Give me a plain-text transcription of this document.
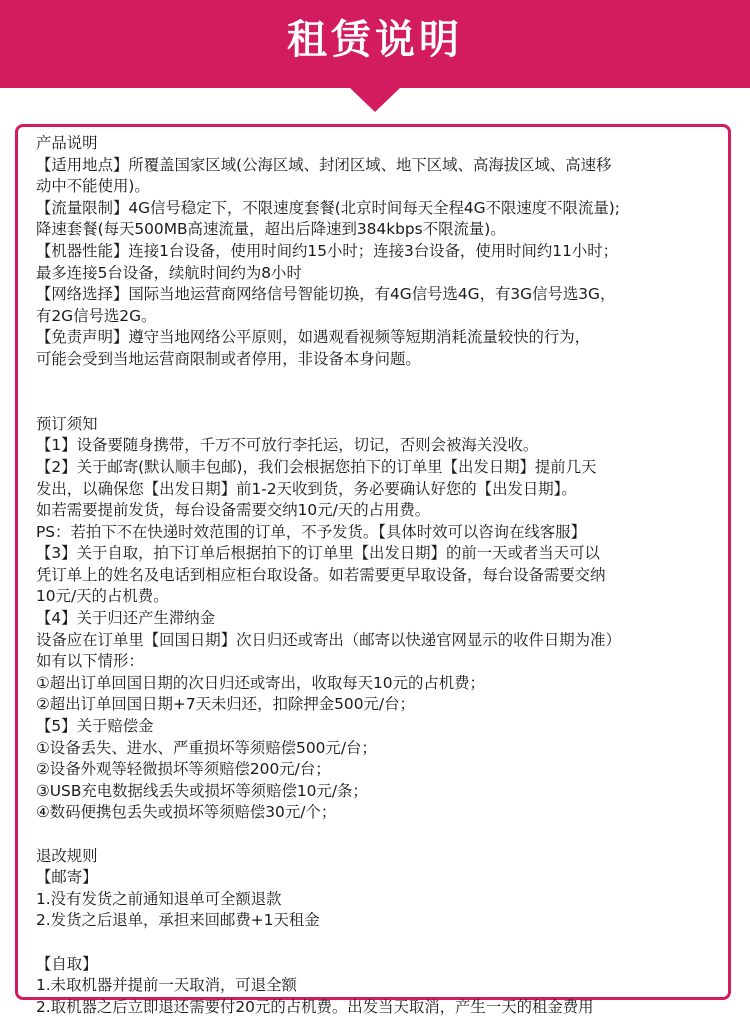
租赁说明
产品说明
【适用地点】所覆盖国家区域(公海区域、封闭区域、地下区域、高海拔区域、高速移
动中不能使用)。
【流量限制】4G信号稳定下，不限速度套餐(北京时间每天全程4G不限速度不限流量);
降速套餐(每天500MB高速流量，超出后降速到384kbps不限流量)。
【机器性能】连接1台设备，使用时间约15小时；连接3台设备，使用时间约11小时；
最多连接5台设备，续航时间约为8小时
【网络选择】国际当地运营商网络信号智能切换，有4G信号选4G，有3G信号选3G，
有2G信号选2G。
【免责声明】遵守当地网络公平原则，如遇观看视频等短期消耗流量较快的行为，
可能会受到当地运营商限制或者停用，非设备本身问题。
预订须知
【1】设备要随身携带，千万不可放行李托运，切记，否则会被海关没收。
【2】关于邮寄(默认顺丰包邮)，我们会根据您拍下的订单里【出发日期】提前几天
发出，以确保您【出发日期】前1-2天收到货，务必要确认好您的【出发日期】。
如若需要提前发货，每台设备需要交纳10元/天的占用费。
PS：若拍下不在快递时效范围的订单，不予发货。【具体时效可以咨询在线客服】
【3】关于自取，拍下订单后根据拍下的订单里【出发日期】的前一天或者当天可以
凭订单上的姓名及电话到相应柜台取设备。如若需要更早取设备，每台设备需要交纳
10元/天的占机费。
【4】关于归还产生滞纳金
设备应在订单里【回国日期】次日归还或寄出（邮寄以快递官网显示的收件日期为准）
如有以下情形：
①超出订单回国日期的次日归还或寄出，收取每天10元的占机费；
②超出订单回国日期+7天未归还，扣除押金500元/台；
【5】关于赔偿金
①设备丢失、进水、严重损坏等须赔偿500元/台；
②设备外观等轻微损坏等须赔偿200元/台；
③USB充电数据线丢失或损坏等须赔偿10元/条；
④数码便携包丢失或损坏等须赔偿30元/个；
退改规则
【邮寄】
1.没有发货之前通知退单可全额退款
2.发货之后退单，承担来回邮费+1天租金
【自取】
1.未取机器并提前一天取消，可退全额
2.取机器之后立即退还需要付20元的占机费。出发当天取消，产生一天的租金费用
